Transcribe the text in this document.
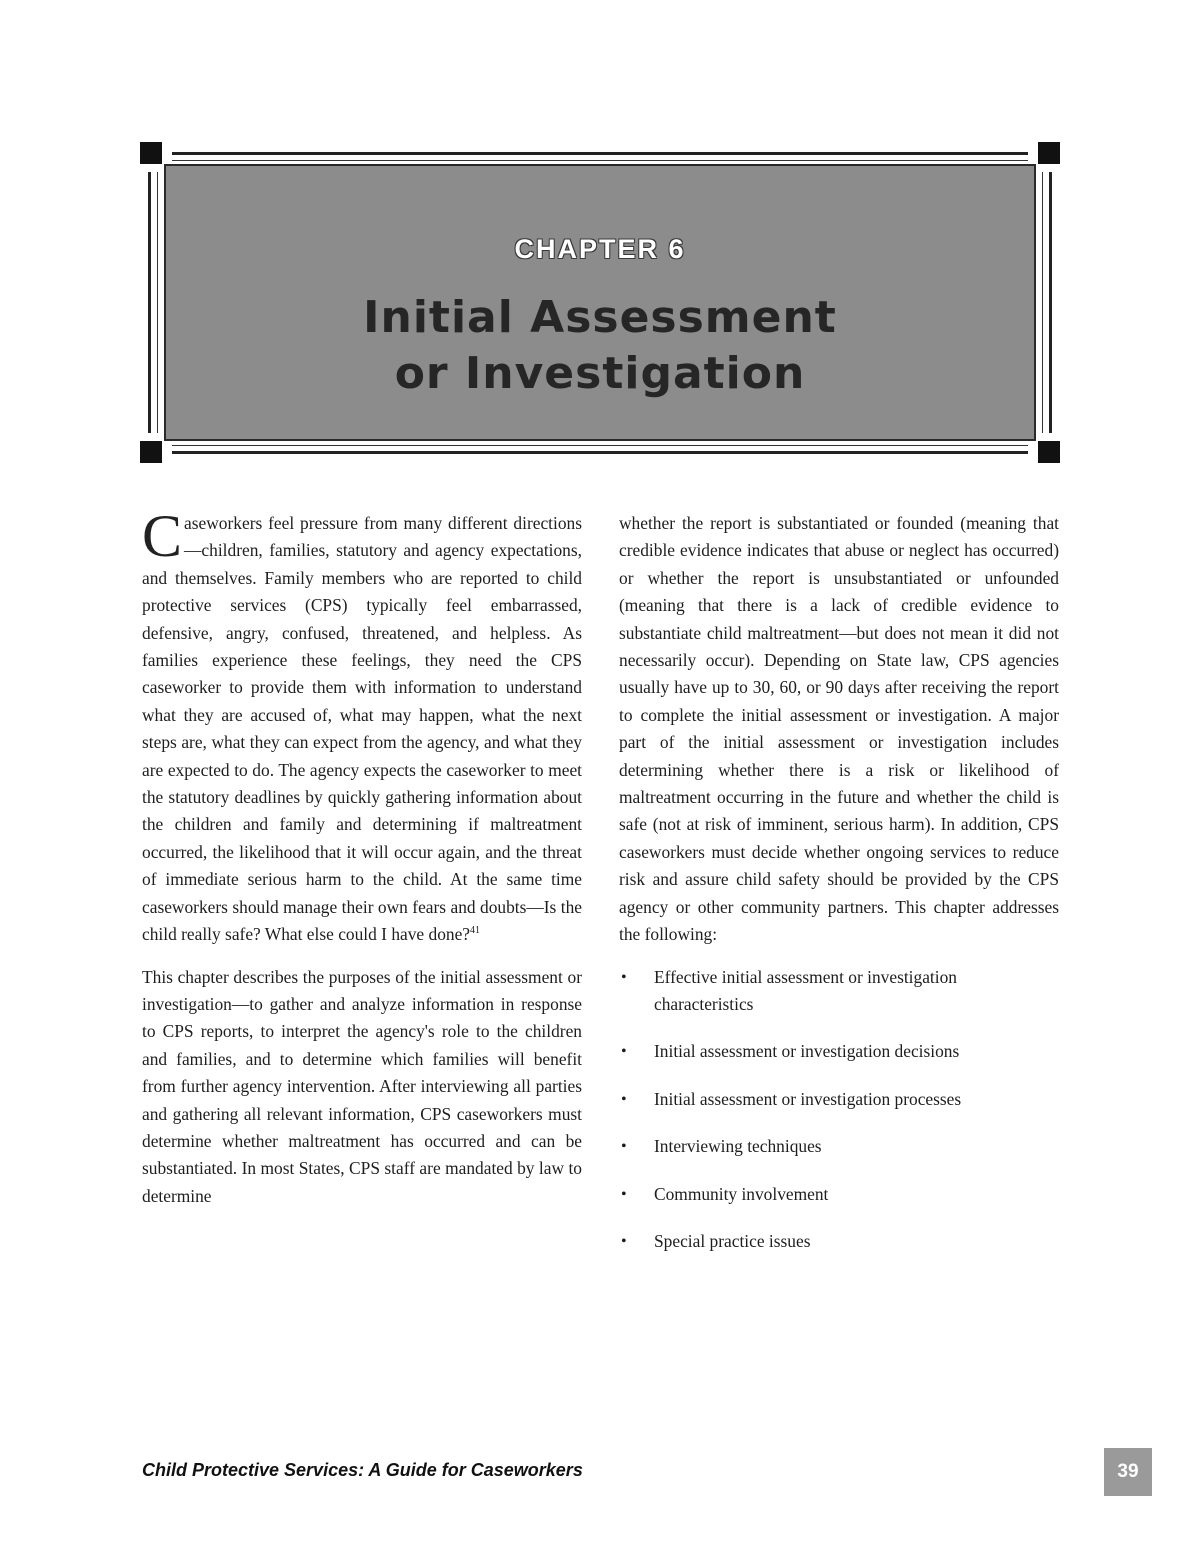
CHAPTER 6
Initial Assessment
or Investigation

Caseworkers feel pressure from many different directions—children, families, statutory and agency expectations, and themselves. Family members who are reported to child protective services (CPS) typically feel embarrassed, defensive, angry, confused, threatened, and helpless. As families experience these feelings, they need the CPS caseworker to provide them with information to understand what they are accused of, what may happen, what the next steps are, what they can expect from the agency, and what they are expected to do. The agency expects the caseworker to meet the statutory deadlines by quickly gathering information about the children and family and determining if maltreatment occurred, the likelihood that it will occur again, and the threat of immediate serious harm to the child. At the same time caseworkers should manage their own fears and doubts—Is the child really safe? What else could I have done?$^{41}$

This chapter describes the purposes of the initial assessment or investigation—to gather and analyze information in response to CPS reports, to interpret the agency's role to the children and families, and to determine which families will benefit from further agency intervention. After interviewing all parties and gathering all relevant information, CPS caseworkers must determine whether maltreatment has occurred and can be substantiated. In most States, CPS staff are mandated by law to determine

whether the report is substantiated or founded (meaning that credible evidence indicates that abuse or neglect has occurred) or whether the report is unsubstantiated or unfounded (meaning that there is a lack of credible evidence to substantiate child maltreatment—but does not mean it did not necessarily occur). Depending on State law, CPS agencies usually have up to 30, 60, or 90 days after receiving the report to complete the initial assessment or investigation. A major part of the initial assessment or investigation includes determining whether there is a risk or likelihood of maltreatment occurring in the future and whether the child is safe (not at risk of imminent, serious harm). In addition, CPS caseworkers must decide whether ongoing services to reduce risk and assure child safety should be provided by the CPS agency or other community partners. This chapter addresses the following:

• Effective initial assessment or investigation characteristics
• Initial assessment or investigation decisions
• Initial assessment or investigation processes
• Interviewing techniques
• Community involvement
• Special practice issues
Child Protective Services: A Guide for Caseworkers	39
